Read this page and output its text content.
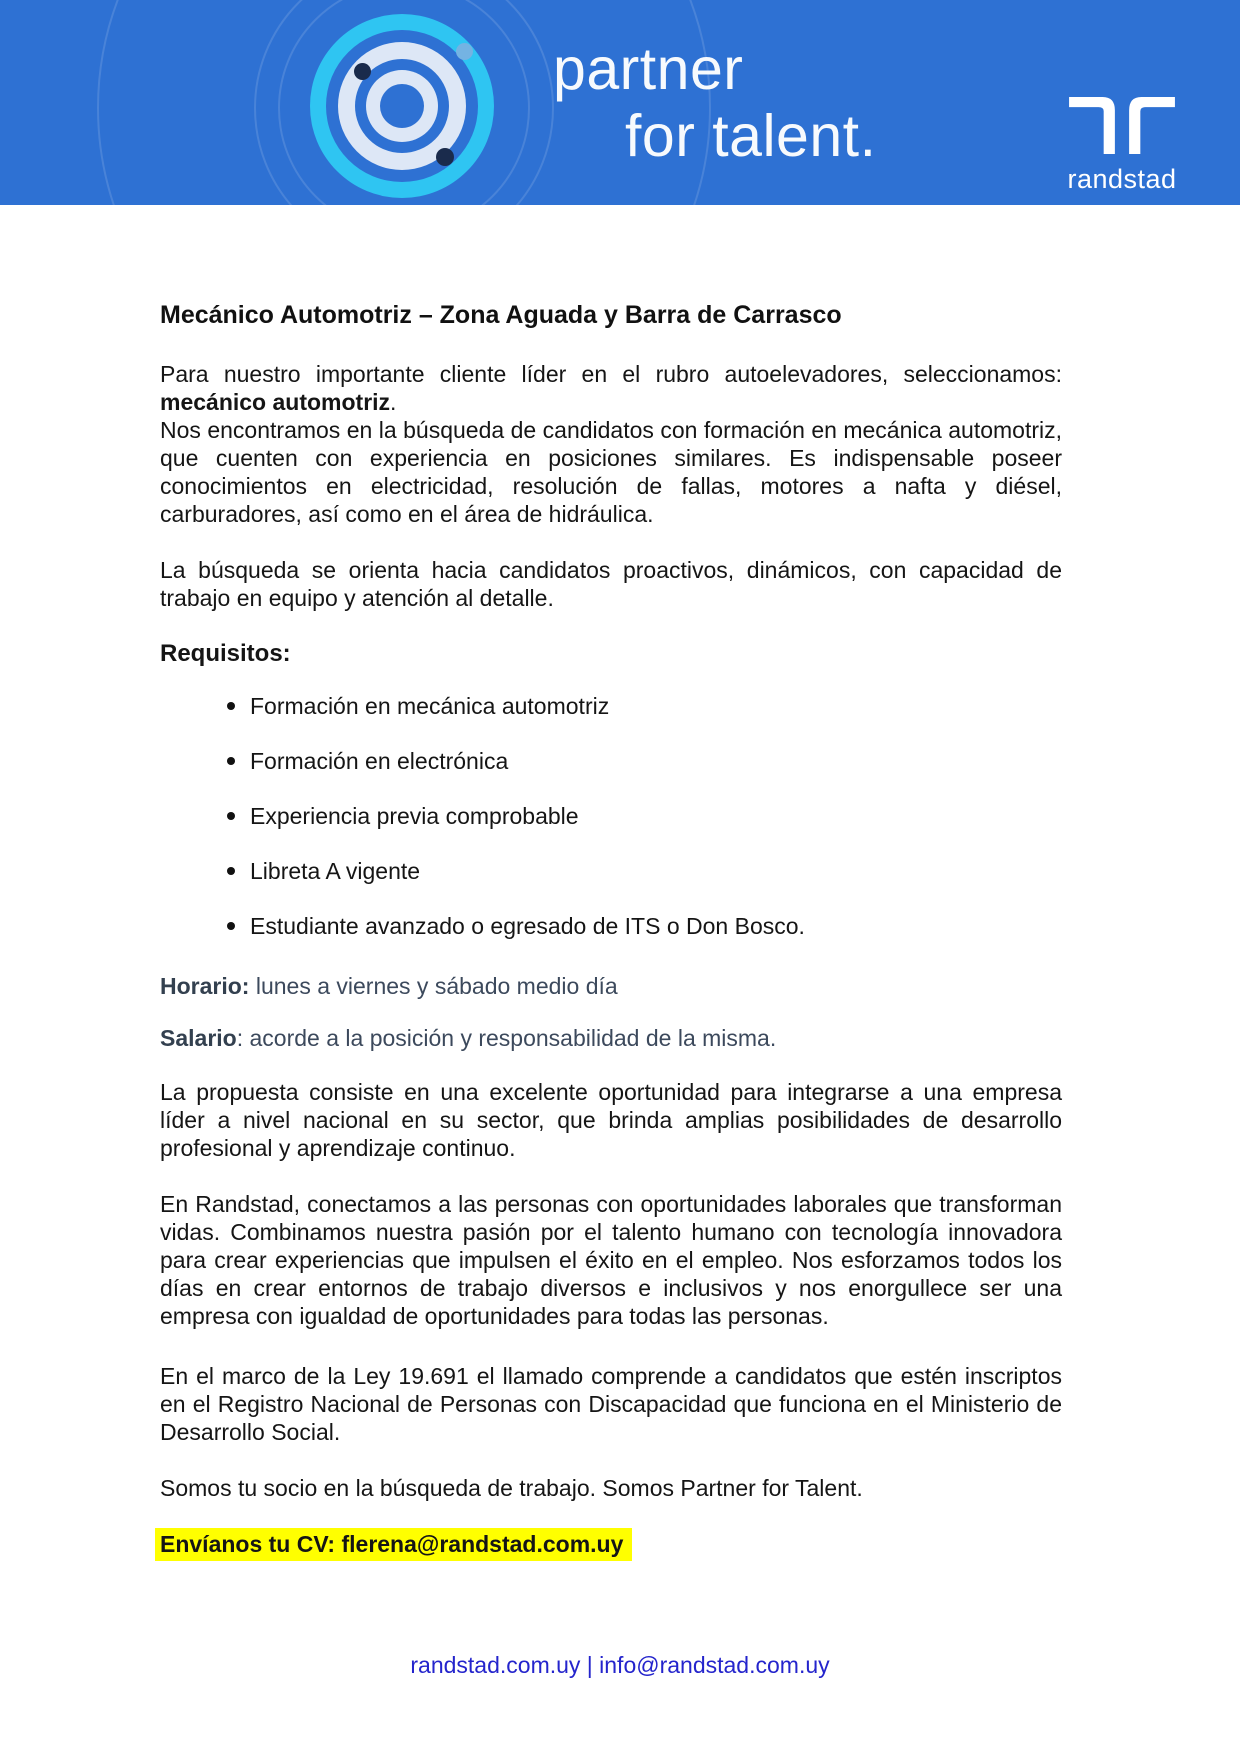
partner
for talent.
randstad
Mecánico Automotriz – Zona Aguada y Barra de Carrasco

Para nuestro importante cliente líder en el rubro autoelevadores, seleccionamos:

mecánico automotriz.

Nos encontramos en la búsqueda de candidatos con formación en mecánica automotriz, que cuenten con experiencia en posiciones similares. Es indispensable poseer conocimientos en electricidad, resolución de fallas, motores a nafta y diésel, carburadores, así como en el área de hidráulica.

La búsqueda se orienta hacia candidatos proactivos, dinámicos, con capacidad de trabajo en equipo y atención al detalle.

Requisitos:

Formación en mecánica automotriz
Formación en electrónica
Experiencia previa comprobable
Libreta A vigente
Estudiante avanzado o egresado de ITS o Don Bosco.

Horario: lunes a viernes y sábado medio día

Salario: acorde a la posición y responsabilidad de la misma.

La propuesta consiste en una excelente oportunidad para integrarse a una empresa líder a nivel nacional en su sector, que brinda amplias posibilidades de desarrollo profesional y aprendizaje continuo.

En Randstad, conectamos a las personas con oportunidades laborales que transforman vidas. Combinamos nuestra pasión por el talento humano con tecnología innovadora para crear experiencias que impulsen el éxito en el empleo. Nos esforzamos todos los días en crear entornos de trabajo diversos e inclusivos y nos enorgullece ser una empresa con igualdad de oportunidades para todas las personas.

En el marco de la Ley 19.691 el llamado comprende a candidatos que estén inscriptos en el Registro Nacional de Personas con Discapacidad que funciona en el Ministerio de Desarrollo Social.

Somos tu socio en la búsqueda de trabajo. Somos Partner for Talent.

Envíanos tu CV: flerena@randstad.com.uy

randstad.com.uy | info@randstad.com.uy
